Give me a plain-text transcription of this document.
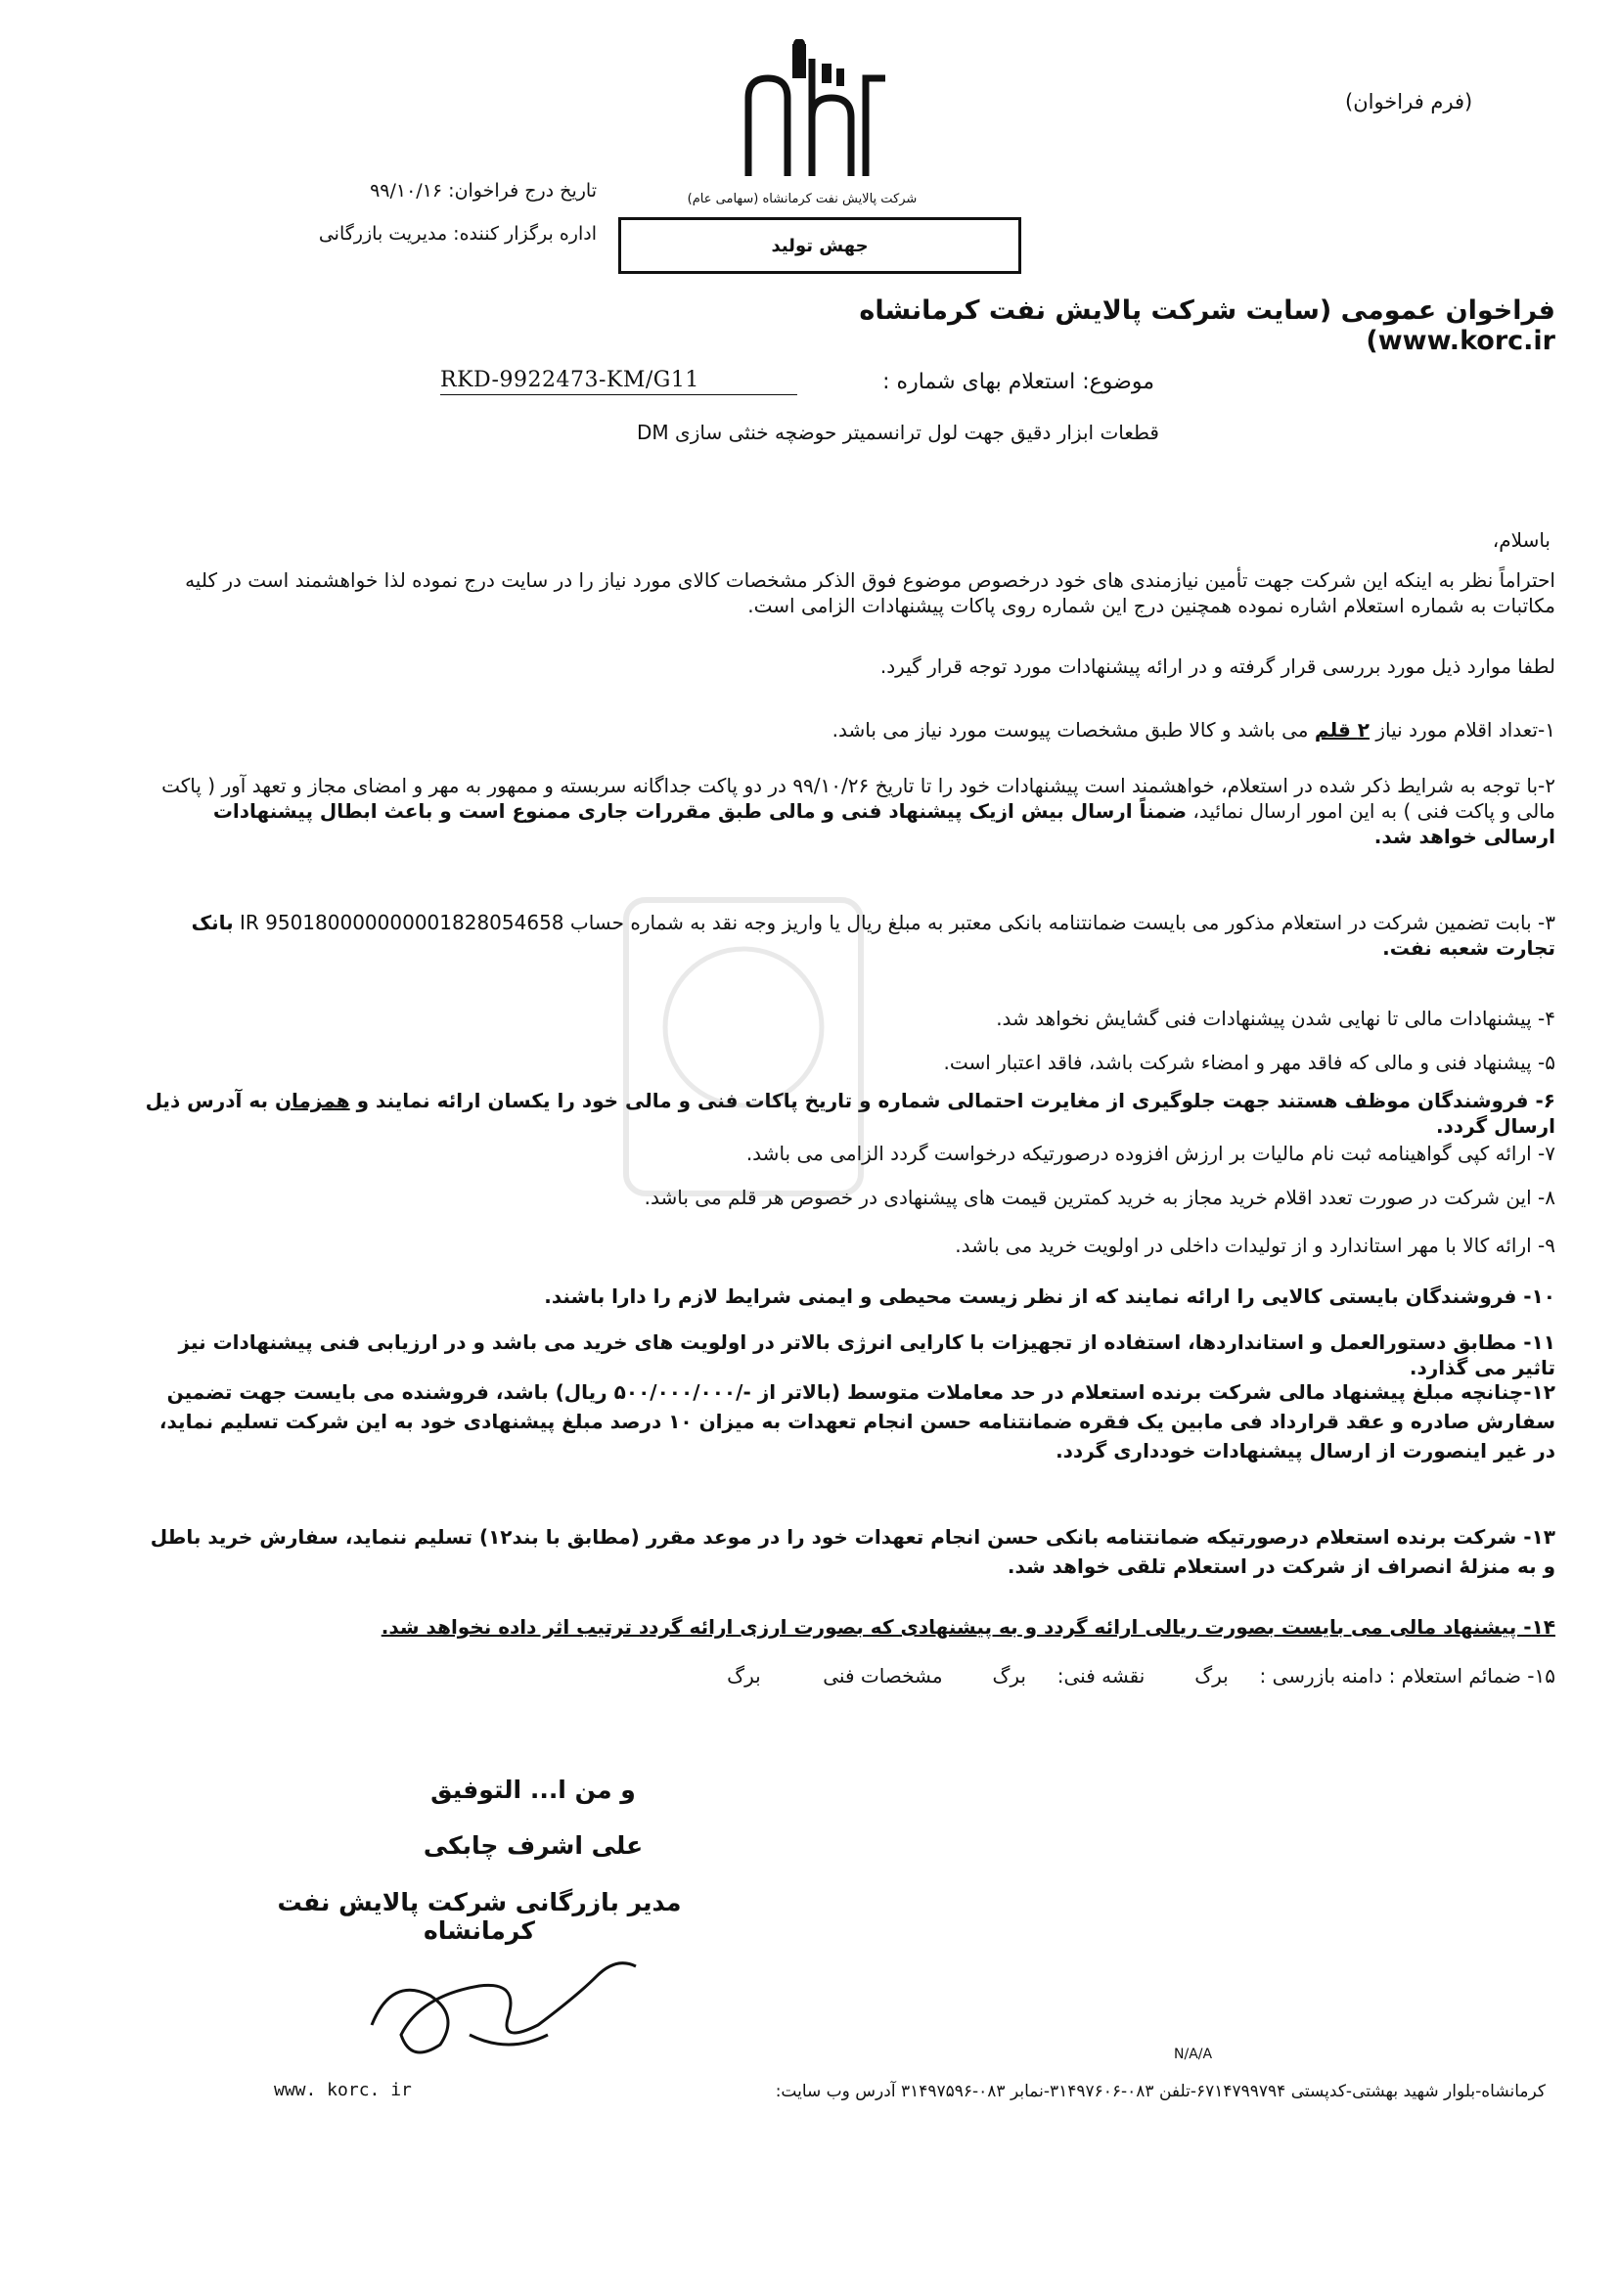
(فرم فراخوان)
شرکت پالایش نفت کرمانشاه (سهامی عام)
جهش تولید
تاریخ درج فراخوان: ۹۹/۱۰/۱۶
اداره برگزار کننده: مدیریت بازرگانی
فراخوان عمومی (سایت شرکت پالایش نفت کرمانشاه www.korc.ir)
موضوع: استعلام بهای شماره :
RKD-9922473-KM/G11
قطعات ابزار دقیق جهت لول ترانسمیتر حوضچه خنثی سازی DM
باسلام،
احتراماً نظر به اینکه این شرکت جهت تأمین نیازمندی های خود درخصوص موضوع فوق الذکر مشخصات کالای مورد نیاز را در سایت درج نموده لذا خواهشمند است در کلیه مکاتبات به شماره استعلام اشاره نموده همچنین درج این شماره روی پاکات پیشنهادات الزامی است.
لطفا موارد ذیل مورد بررسی قرار گرفته و در ارائه پیشنهادات مورد توجه قرار گیرد.
۱-تعداد اقلام مورد نیاز ۲ قلم می باشد و کالا طبق مشخصات پیوست مورد نیاز می باشد.
۲-با توجه به شرایط ذکر شده در استعلام، خواهشمند است پیشنهادات خود را تا تاریخ ۹۹/۱۰/۲۶ در دو پاکت جداگانه سربسته و ممهور به مهر و امضای مجاز و تعهد آور ( پاکت مالی و پاکت فنی ) به این امور ارسال نمائید، ضمناً ارسال بیش ازیک پیشنهاد فنی و مالی طبق مقررات جاری ممنوع است و باعث ابطال پیشنهادات ارسالی خواهد شد.
۳- بابت تضمین شرکت در استعلام مذکور می بایست ضمانتنامه بانکی معتبر به مبلغ ریال یا واریز وجه نقد به شماره حساب IR 950180000000001828054658 بانک تجارت شعبه نفت.
۴- پیشنهادات مالی تا نهایی شدن پیشنهادات فنی گشایش نخواهد شد.
۵- پیشنهاد فنی و مالی که فاقد مهر و امضاء شرکت باشد، فاقد اعتبار است.
۶- فروشندگان موظف هستند جهت جلوگیری از مغایرت احتمالی شماره و تاریخ پاکات فنی و مالی خود را یکسان ارائه نمایند و همزمان به آدرس ذیل ارسال گردد.
۷- ارائه کپی گواهینامه ثبت نام مالیات بر ارزش افزوده درصورتیکه درخواست گردد الزامی می باشد.
۸- این شرکت در صورت تعدد اقلام خرید مجاز به خرید کمترین قیمت های پیشنهادی در خصوص هر قلم می باشد.
۹- ارائه کالا با مهر استاندارد و از تولیدات داخلی در اولویت خرید می باشد.
۱۰- فروشندگان بایستی کالایی را ارائه نمایند که از نظر زیست محیطی و ایمنی شرایط لازم را دارا باشند.
۱۱- مطابق دستورالعمل و استانداردها، استفاده از تجهیزات با کارایی انرژی بالاتر در اولویت های خرید می باشد و در ارزیابی فنی پیشنهادات نیز تاثیر می گذارد.
۱۲-چنانچه مبلغ پیشنهاد مالی شرکت برنده استعلام در حد معاملات متوسط (بالاتر از -/۵۰۰/۰۰۰/۰۰۰ ریال) باشد، فروشنده می بایست جهت تضمین سفارش صادره و عقد قرارداد فی مابین یک فقره ضمانتنامه حسن انجام تعهدات به میزان ۱۰ درصد مبلغ پیشنهادی خود به این شرکت تسلیم نماید، در غیر اینصورت از ارسال پیشنهادات خودداری گردد.
۱۳- شرکت برنده استعلام درصورتیکه ضمانتنامه بانکی حسن انجام تعهدات خود را در موعد مقرر (مطابق با بند۱۲) تسلیم ننماید، سفارش خرید باطل و به منزلهٔ انصراف از شرکت در استعلام تلقی خواهد شد.
۱۴- پیشنهاد مالی می بایست بصورت ریالی ارائه گردد و به پیشنهادی که بصورت ارزی ارائه گردد ترتیب اثر داده نخواهد شد.
۱۵- ضمائم استعلام : دامنه بازرسی :     برگ        نقشه فنی:     برگ        مشخصات فنی          برگ
و من ا... التوفیق
علی اشرف چابکی
مدیر بازرگانی شرکت پالایش نفت کرمانشاه
N/A/A
کرمانشاه-بلوار شهید بهشتی-کدپستی ۶۷۱۴۷۹۹۷۹۴-تلفن ۰۸۳-۳۱۴۹۷۶۰۶-نمابر ۰۸۳-۳۱۴۹۷۵۹۶ آدرس وب سایت:
www. korc. ir
